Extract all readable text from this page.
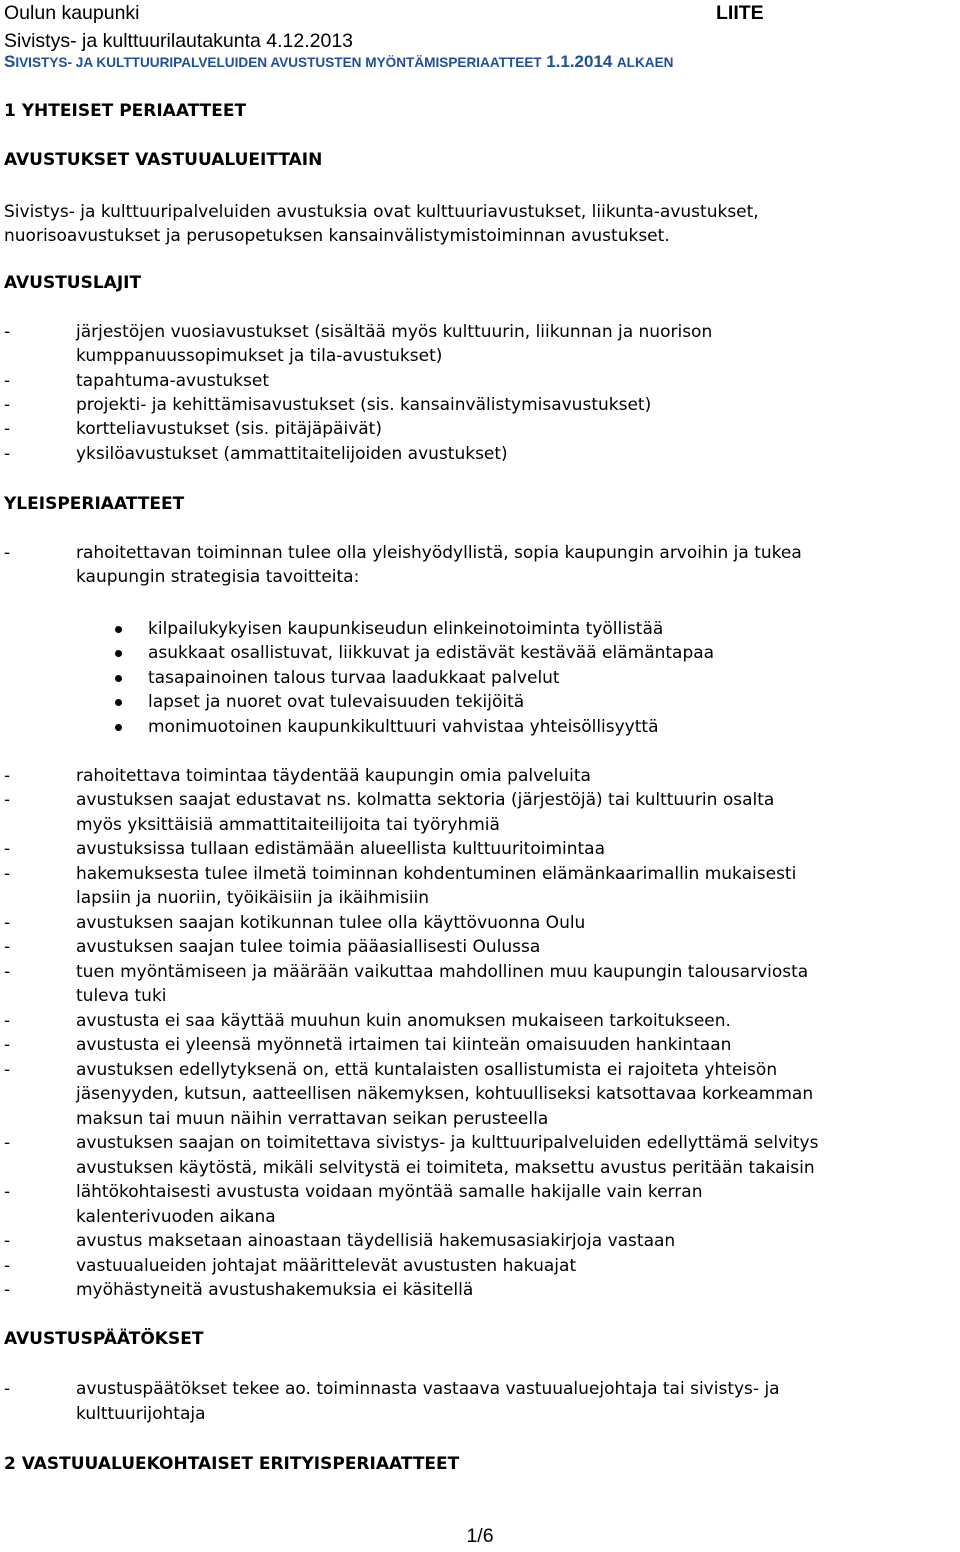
Oulun kaupunki	LIITE
Sivistys- ja kulttuurilautakunta 4.12.2013
SIVISTYS- JA KULTTUURIPALVELUIDEN AVUSTUSTEN MYÖNTÄMISPERIAATTEET 1.1.2014 ALKAEN
1 YHTEISET PERIAATTEET
AVUSTUKSET VASTUUALUEITTAIN
Sivistys- ja kulttuuripalveluiden avustuksia ovat kulttuuriavustukset, liikunta-avustukset,
nuorisoavustukset ja perusopetuksen kansainvälistymistoiminnan avustukset.
AVUSTUSLAJIT
-	järjestöjen vuosiavustukset (sisältää myös kulttuurin, liikunnan ja nuorison
kumppanuussopimukset ja tila-avustukset)
-	tapahtuma-avustukset
-	projekti- ja kehittämisavustukset (sis. kansainvälistymisavustukset)
-	kortteliavustukset (sis. pitäjäpäivät)
-	yksilöavustukset (ammattitaitelijoiden avustukset)
YLEISPERIAATTEET
-	rahoitettavan toiminnan tulee olla yleishyödyllistä, sopia kaupungin arvoihin ja tukea
kaupungin strategisia tavoitteita:
kilpailukykyisen kaupunkiseudun elinkeinotoiminta työllistää
asukkaat osallistuvat, liikkuvat ja edistävät kestävää elämäntapaa
tasapainoinen talous turvaa laadukkaat palvelut
lapset ja nuoret ovat tulevaisuuden tekijöitä
monimuotoinen kaupunkikulttuuri vahvistaa yhteisöllisyyttä
-	rahoitettava toimintaa täydentää kaupungin omia palveluita
-	avustuksen saajat edustavat ns. kolmatta sektoria (järjestöjä) tai kulttuurin osalta
myös yksittäisiä ammattitaiteilijoita tai työryhmiä
-	avustuksissa tullaan edistämään alueellista kulttuuritoimintaa
-	hakemuksesta tulee ilmetä toiminnan kohdentuminen elämänkaarimallin mukaisesti
lapsiin ja nuoriin, työikäisiin ja ikäihmisiin
-	avustuksen saajan kotikunnan tulee olla käyttövuonna Oulu
-	avustuksen saajan tulee toimia pääasiallisesti Oulussa
-	tuen myöntämiseen ja määrään vaikuttaa mahdollinen muu kaupungin talousarviosta
tuleva tuki
-	avustusta ei saa käyttää muuhun kuin anomuksen mukaiseen tarkoitukseen.
-	avustusta ei yleensä myönnetä irtaimen tai kiinteän omaisuuden hankintaan
-	avustuksen edellytyksenä on, että kuntalaisten osallistumista ei rajoiteta yhteisön
jäsenyyden, kutsun, aatteellisen näkemyksen, kohtuulliseksi katsottavaa korkeamman
maksun tai muun näihin verrattavan seikan perusteella
-	avustuksen saajan on toimitettava sivistys- ja kulttuuripalveluiden edellyttämä selvitys
avustuksen käytöstä, mikäli selvitystä ei toimiteta, maksettu avustus peritään takaisin
-	lähtökohtaisesti avustusta voidaan myöntää samalle hakijalle vain kerran
kalenterivuoden aikana
-	avustus maksetaan ainoastaan täydellisiä hakemusasiakirjoja vastaan
-	vastuualueiden johtajat määrittelevät avustusten hakuajat
-	myöhästyneitä avustushakemuksia ei käsitellä
AVUSTUSPÄÄTÖKSET
-	avustuspäätökset tekee ao. toiminnasta vastaava vastuualuejohtaja tai sivistys- ja
kulttuurijohtaja
2 VASTUUALUEKOHTAISET ERITYISPERIAATTEET
1/6
